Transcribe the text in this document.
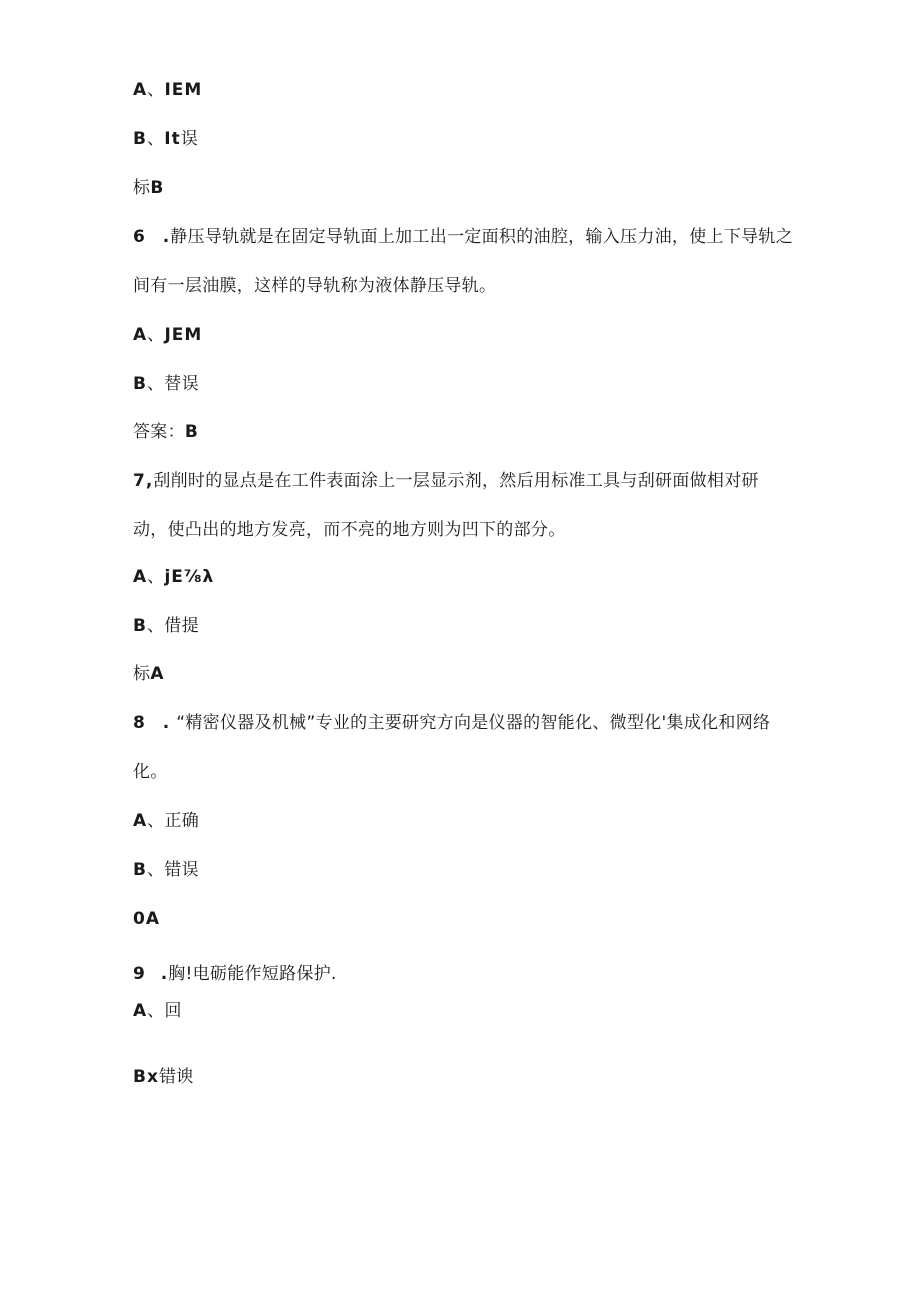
A、IEM
B、It误
标B
6 .静压导轨就是在固定导轨面上加工出一定面积的油腔，输入压力油，使上下导轨之
间有一层油膜，这样的导轨称为液体静压导轨。
A、JEM
B、替误
答案：B
7,刮削时的显点是在工件表面涂上一层显示剂，然后用标准工具与刮研面做相对研
动，使凸出的地方发亮，而不亮的地方则为凹下的部分。
A、jE⅞λ
B、借提
标A
8 . “精密仪器及机械”专业的主要研究方向是仪器的智能化、微型化'集成化和网络
化。
A、正确
B、错误
0A
9 .胸!电砺能作短路保护.
A、回
Bx错谀
